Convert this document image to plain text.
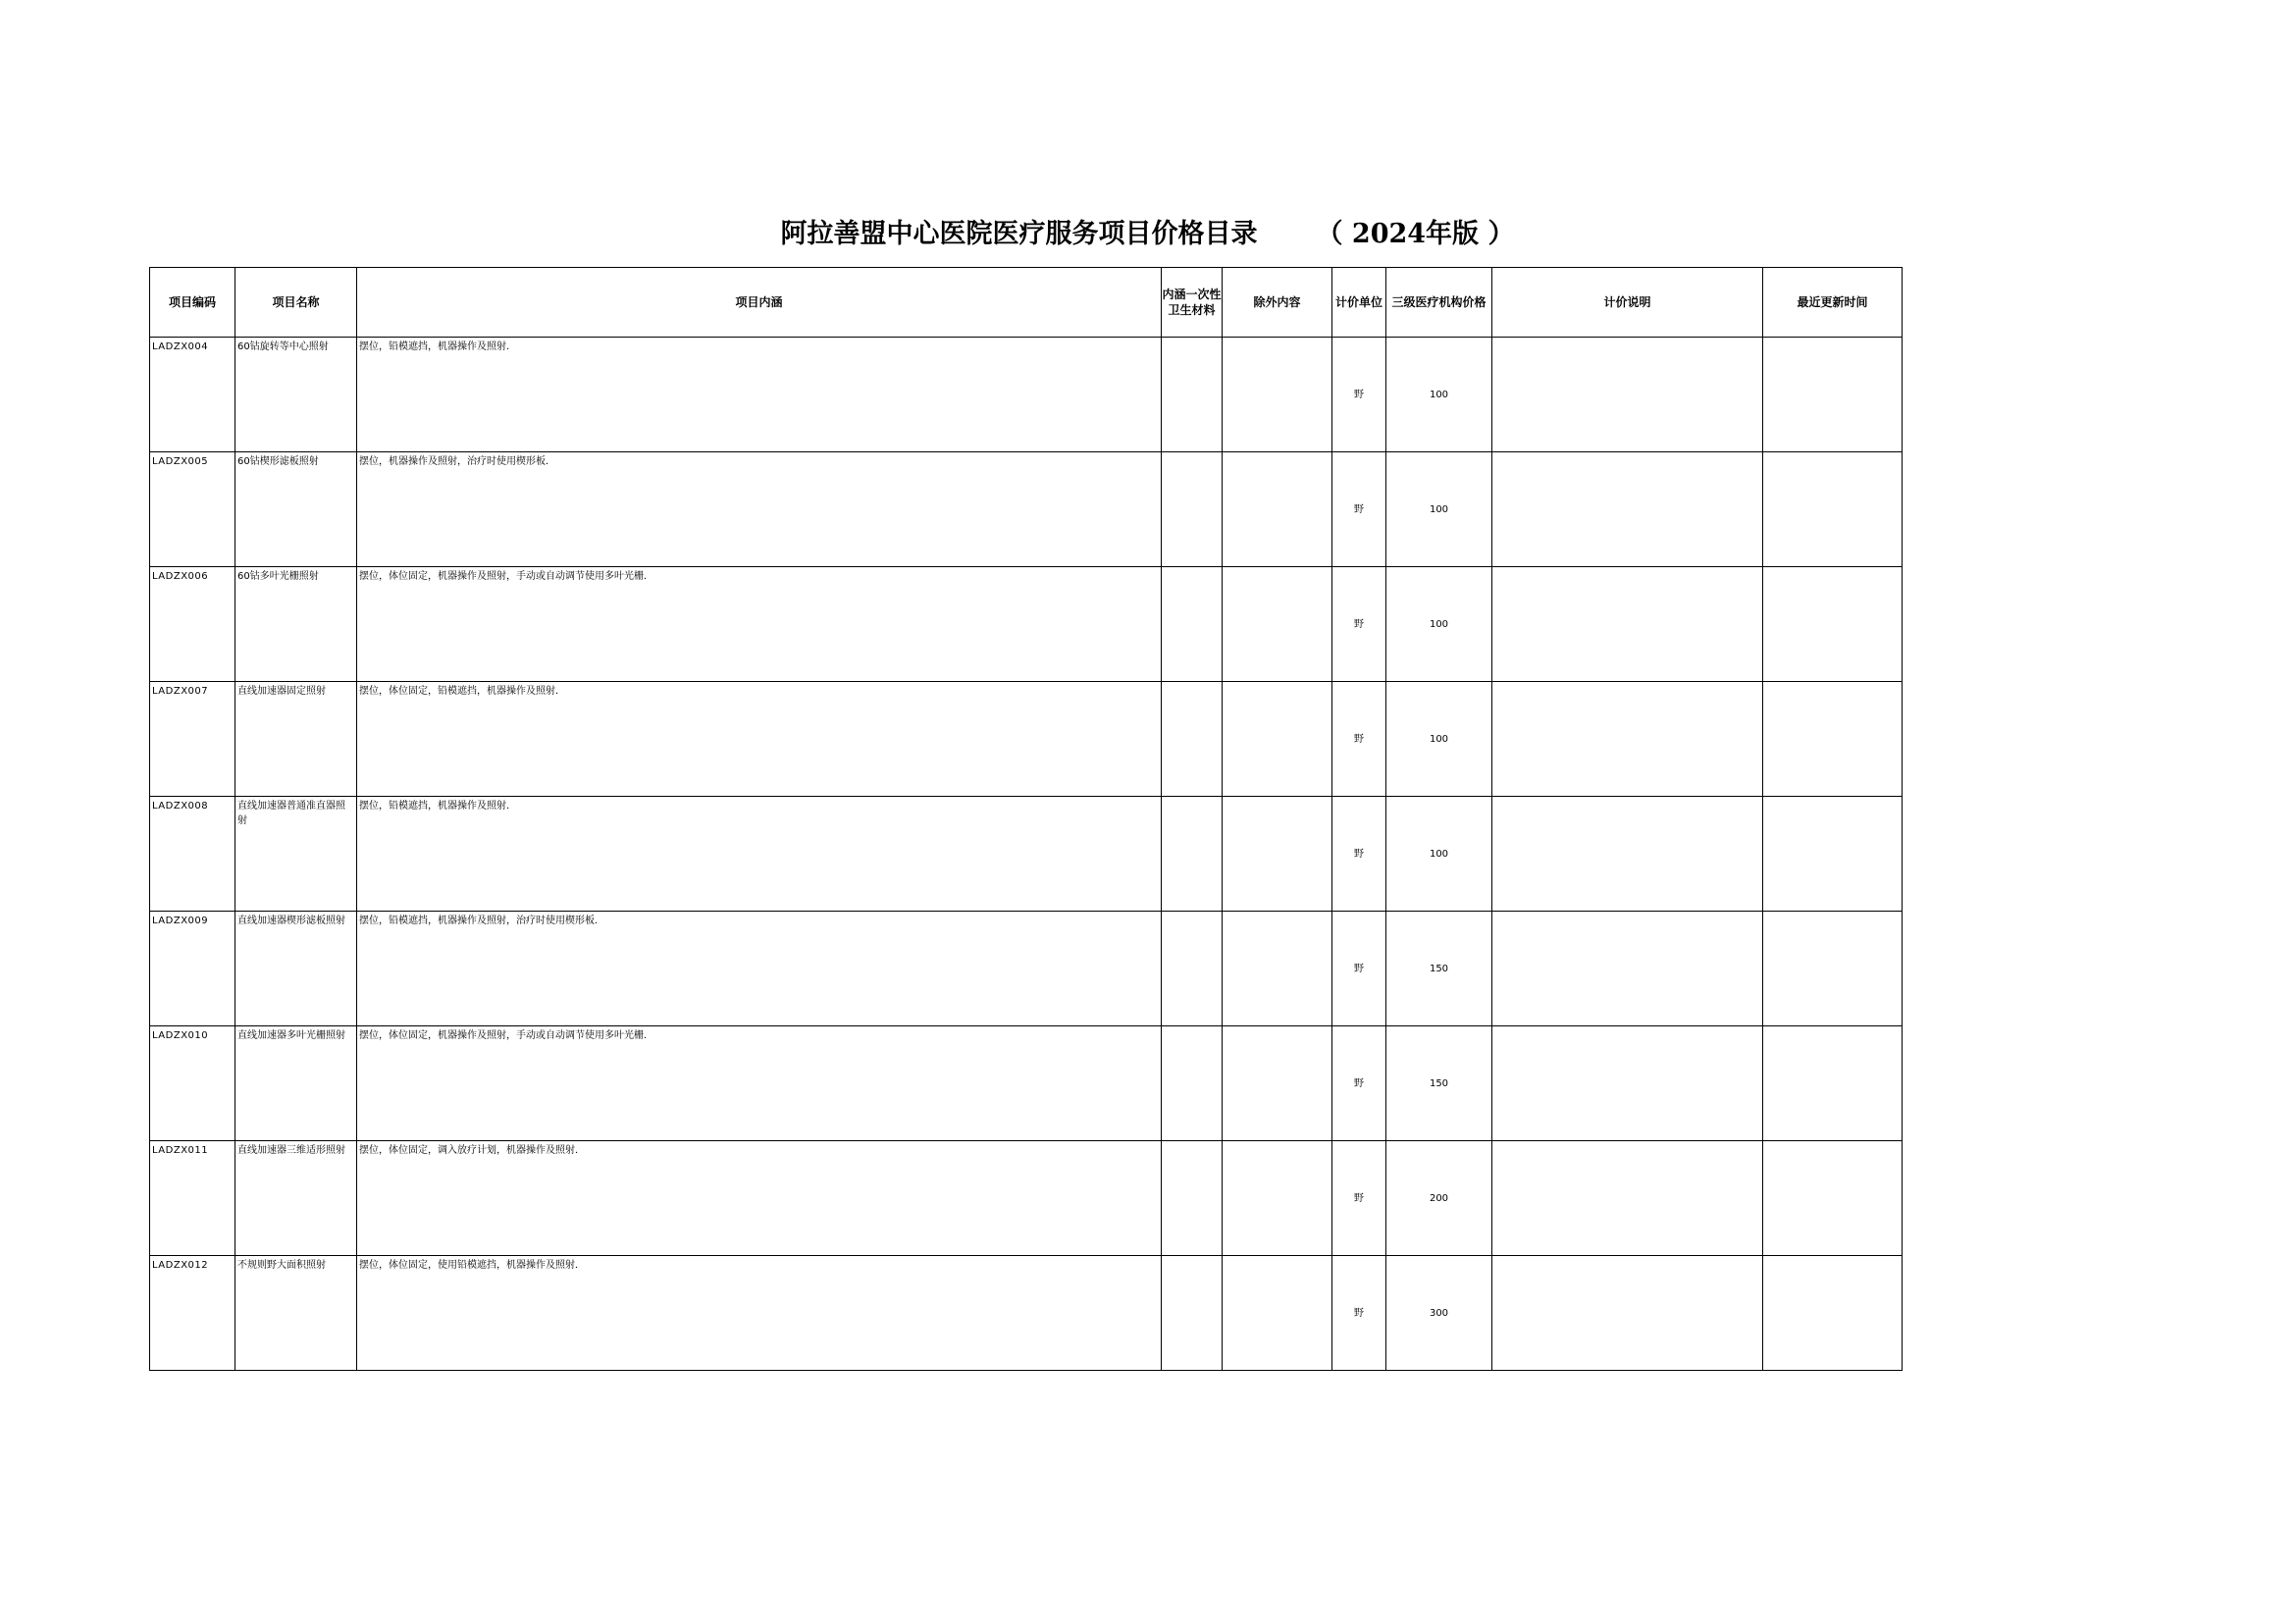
阿拉善盟中心医院医疗服务项目价格目录 （ 2024年版 ）
项目编码	项目名称	项目内涵	内涵一次性卫生材料	除外内容	计价单位	三级医疗机构价格	计价说明	最近更新时间
LADZX004	60钴旋转等中心照射	摆位，铅模遮挡，机器操作及照射．			野	100		
LADZX005	60钴楔形滤板照射	摆位，机器操作及照射，治疗时使用楔形板．			野	100		
LADZX006	60钴多叶光栅照射	摆位，体位固定，机器操作及照射，手动或自动调节使用多叶光栅．			野	100		
LADZX007	直线加速器固定照射	摆位，体位固定，铅模遮挡，机器操作及照射．			野	100		
LADZX008	直线加速器普通准直器照射	摆位，铅模遮挡，机器操作及照射．			野	100		
LADZX009	直线加速器楔形滤板照射	摆位，铅模遮挡，机器操作及照射，治疗时使用楔形板．			野	150		
LADZX010	直线加速器多叶光栅照射	摆位，体位固定，机器操作及照射，手动或自动调节使用多叶光栅．			野	150		
LADZX011	直线加速器三维适形照射	摆位，体位固定，调入放疗计划，机器操作及照射．			野	200		
LADZX012	不规则野大面积照射	摆位，体位固定，使用铅模遮挡，机器操作及照射．			野	300		
